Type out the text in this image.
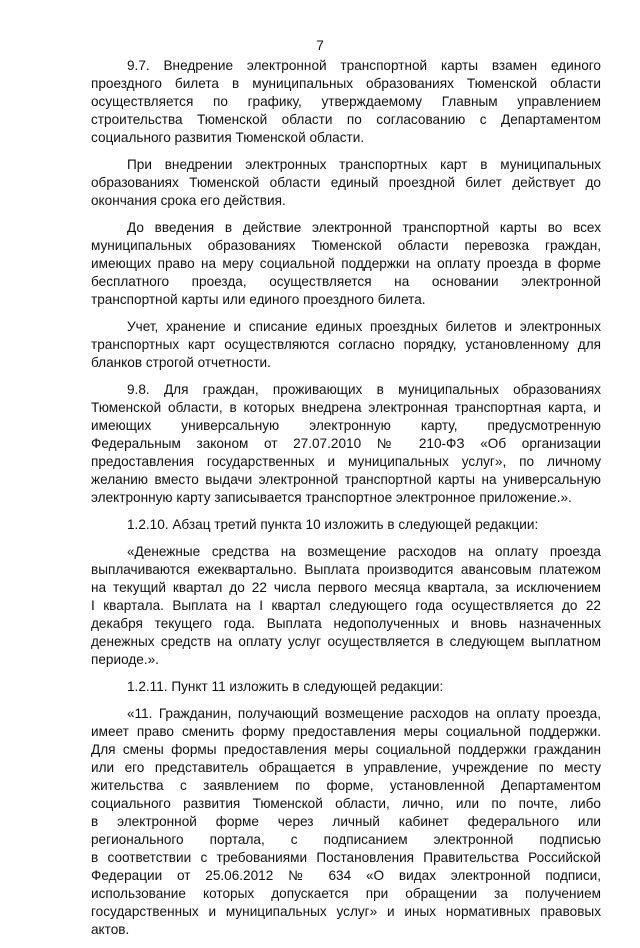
7
9.7. Внедрение электронной транспортной карты взамен единого
проездного билета в муниципальных образованиях Тюменской области
осуществляется по графику, утверждаемому Главным управлением
строительства Тюменской области по согласованию с Департаментом
социального развития Тюменской области.
При внедрении электронных транспортных карт в муниципальных
образованиях Тюменской области единый проездной билет действует до
окончания срока его действия.
До введения в действие электронной транспортной карты во всех
муниципальных образованиях Тюменской области перевозка граждан,
имеющих право на меру социальной поддержки на оплату проезда в форме
бесплатного проезда, осуществляется на основании электронной
транспортной карты или единого проездного билета.
Учет, хранение и списание единых проездных билетов и электронных
транспортных карт осуществляются согласно порядку, установленному для
бланков строгой отчетности.
9.8. Для граждан, проживающих в муниципальных образованиях
Тюменской области, в которых внедрена электронная транспортная карта, и
имеющих универсальную электронную карту, предусмотренную
Федеральным законом от 27.07.2010 № 210-ФЗ «Об организации
предоставления государственных и муниципальных услуг», по личному
желанию вместо выдачи электронной транспортной карты на универсальную
электронную карту записывается транспортное электронное приложение.».
1.2.10. Абзац третий пункта 10 изложить в следующей редакции:
«Денежные средства на возмещение расходов на оплату проезда
выплачиваются ежеквартально. Выплата производится авансовым платежом
на текущий квартал до 22 числа первого месяца квартала, за исключением
I квартала. Выплата на I квартал следующего года осуществляется до 22
декабря текущего года. Выплата недополученных и вновь назначенных
денежных средств на оплату услуг осуществляется в следующем выплатном
периоде.».
1.2.11. Пункт 11 изложить в следующей редакции:
«11. Гражданин, получающий возмещение расходов на оплату проезда,
имеет право сменить форму предоставления меры социальной поддержки.
Для смены формы предоставления меры социальной поддержки гражданин
или его представитель обращается в управление, учреждение по месту
жительства с заявлением по форме, установленной Департаментом
социального развития Тюменской области, лично, или по почте, либо
в электронной форме через личный кабинет федерального или
регионального портала, с подписанием электронной подписью
в соответствии с требованиями Постановления Правительства Российской
Федерации от 25.06.2012 № 634 «О видах электронной подписи,
использование которых допускается при обращении за получением
государственных и муниципальных услуг» и иных нормативных правовых
актов.
